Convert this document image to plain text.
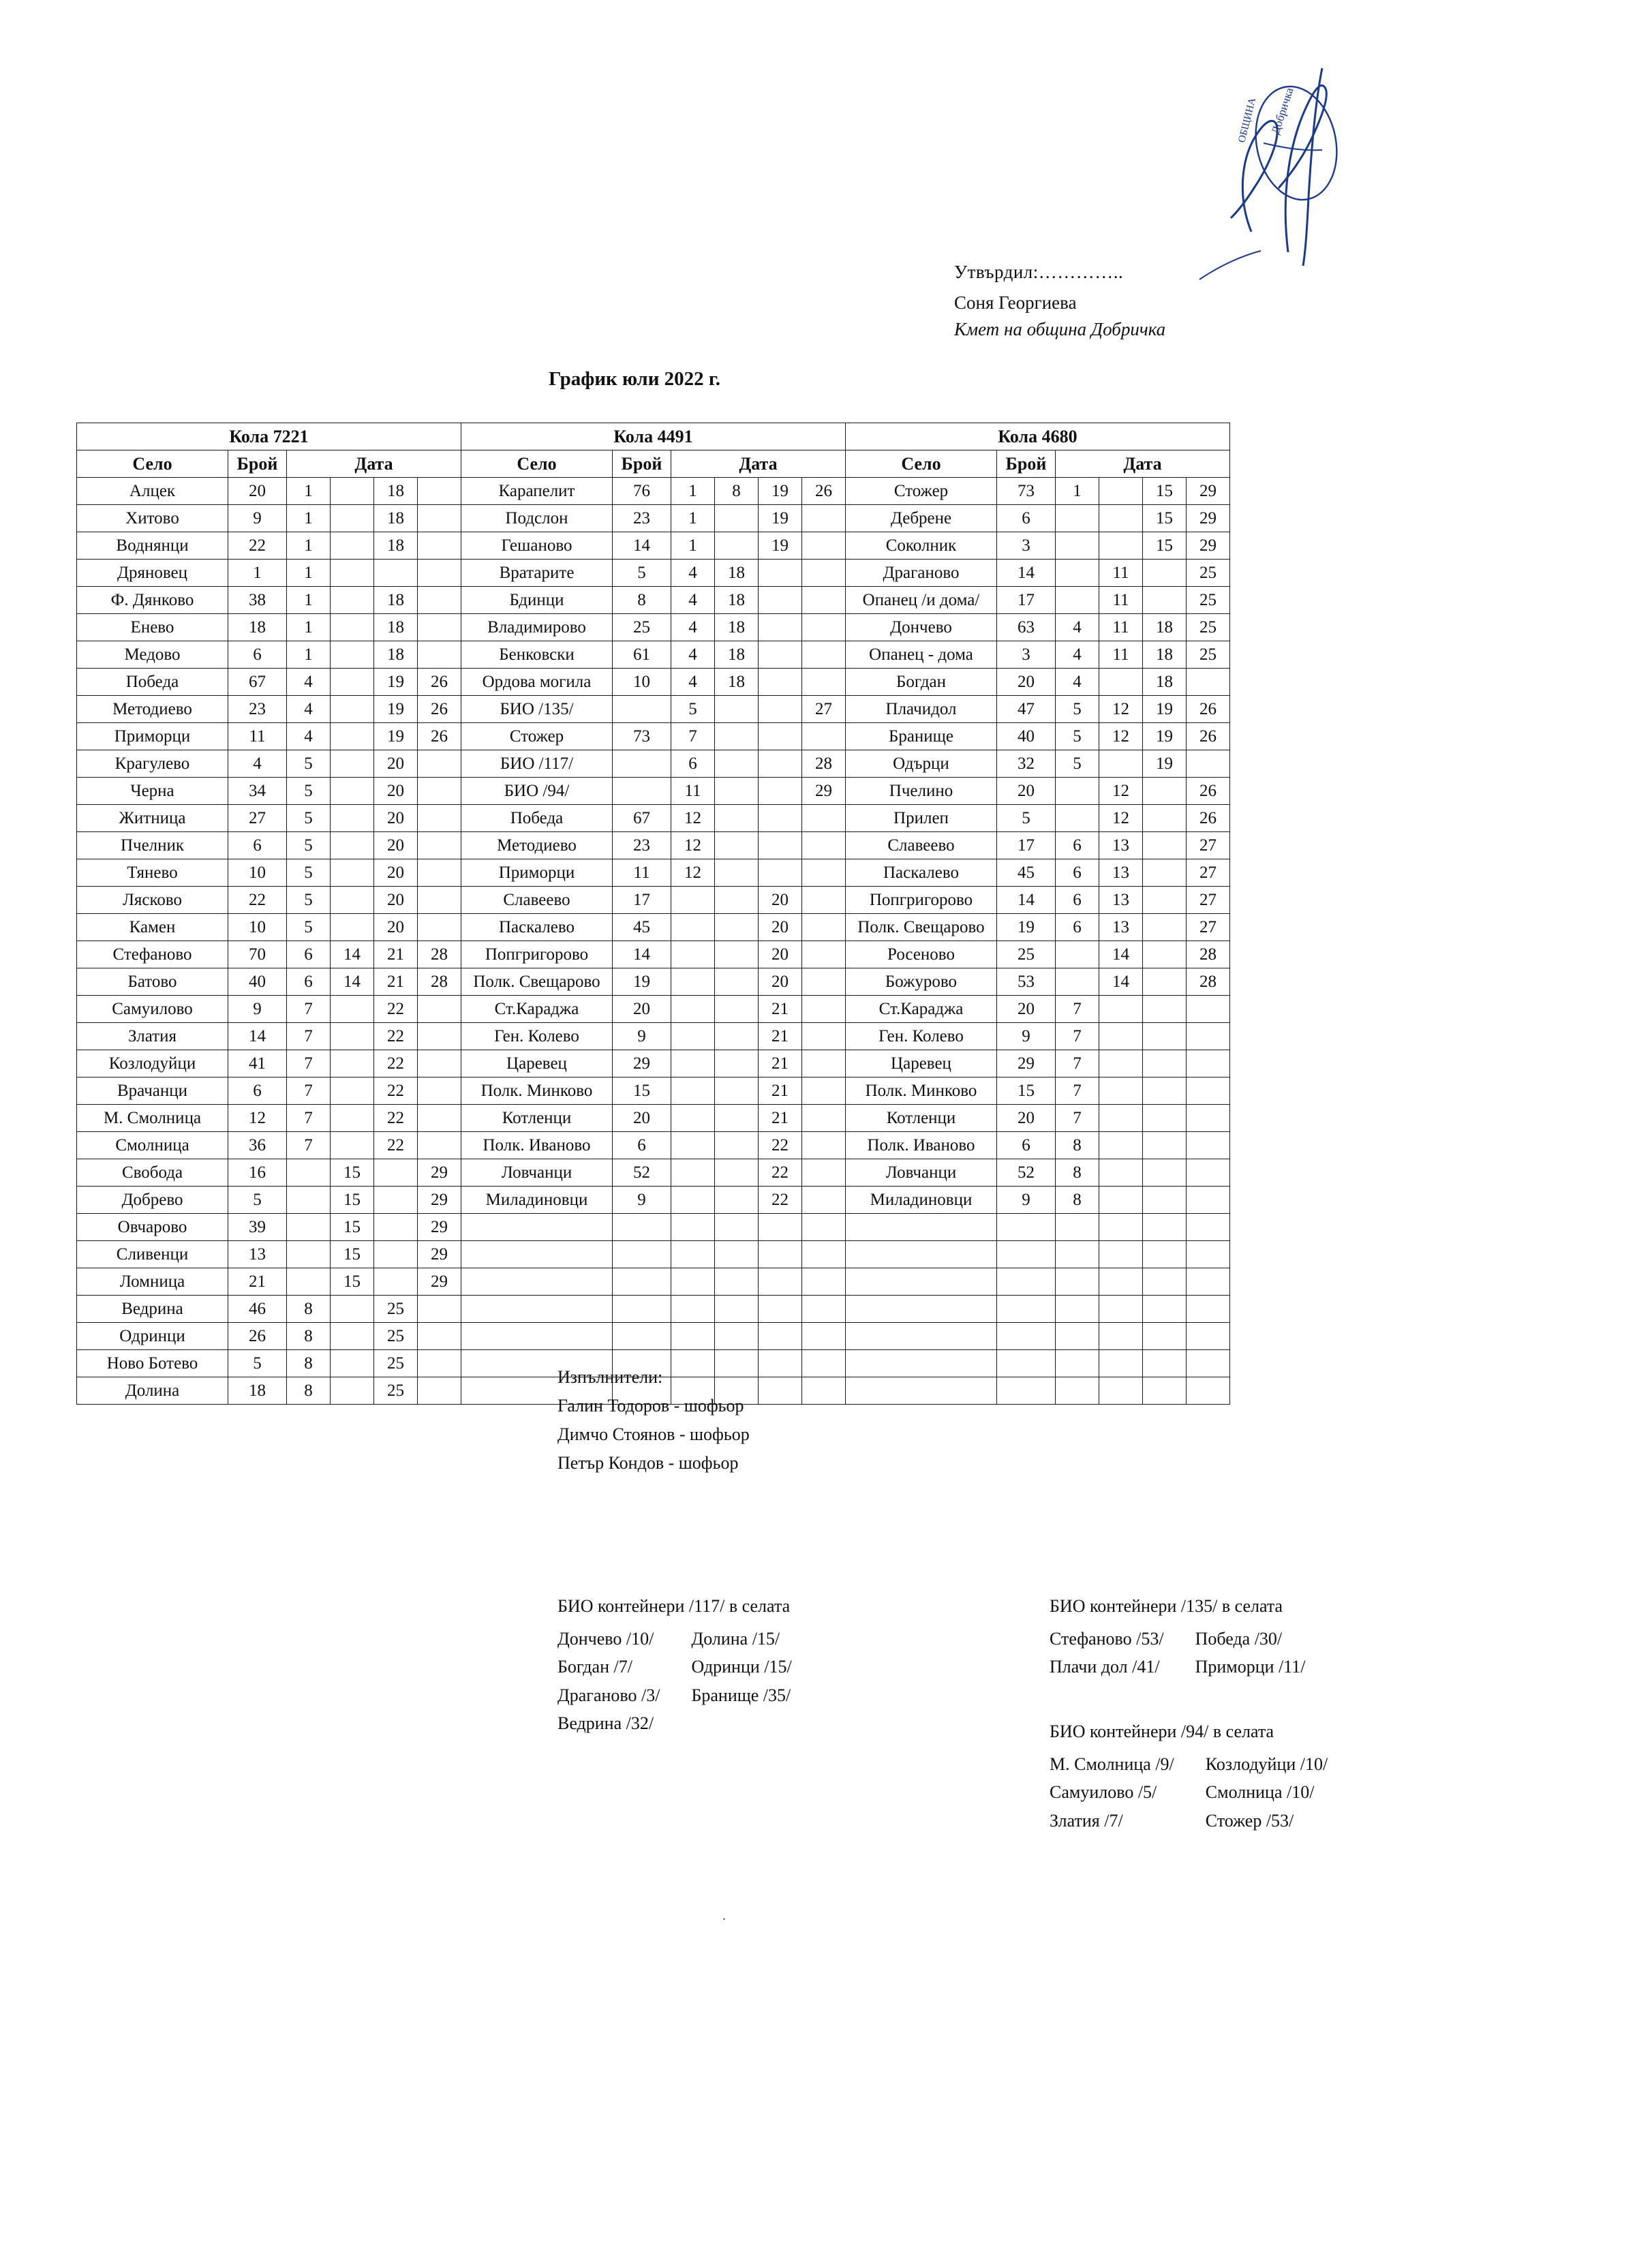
Добричка
ОБЩИНА
Утвърдил:…………..
Соня Георгиева
Кмет на община Добричка
График юли 2022 г.
Кола 7221						Кола 4491						Кола 4680					
Село	Брой	Дата				Село	Брой	Дата				Село	Брой	Дата			
Алцек	20	1		18		Карапелит	76	1	8	19	26	Стожер	73	1		15	29
Хитово	9	1		18		Подслон	23	1		19		Дебрене	6			15	29
Воднянци	22	1		18		Гешаново	14	1		19		Соколник	3			15	29
Дряновец	1	1				Вратарите	5	4	18			Драганово	14		11		25
Ф. Дянково	38	1		18		Бдинци	8	4	18			Опанец /и дома/	17		11		25
Енево	18	1		18		Владимирово	25	4	18			Дончево	63	4	11	18	25
Медово	6	1		18		Бенковски	61	4	18			Опанец - дома	3	4	11	18	25
Победа	67	4		19	26	Ордова могила	10	4	18			Богдан	20	4		18	
Методиево	23	4		19	26	БИО /135/		5			27	Плачидол	47	5	12	19	26
Приморци	11	4		19	26	Стожер	73	7				Бранище	40	5	12	19	26
Крагулево	4	5		20		БИО /117/		6			28	Одърци	32	5		19	
Черна	34	5		20		БИО /94/		11			29	Пчелино	20		12		26
Житница	27	5		20		Победа	67	12				Прилеп	5		12		26
Пчелник	6	5		20		Методиево	23	12				Славеево	17	6	13		27
Тяневo	10	5		20		Приморци	11	12				Паскалево	45	6	13		27
Лясково	22	5		20		Славеево	17			20		Попгригорово	14	6	13		27
Камен	10	5		20		Паскалево	45			20		Полк. Свещарово	19	6	13		27
Стефаново	70	6	14	21	28	Попгригорово	14			20		Росеново	25		14		28
Батово	40	6	14	21	28	Полк. Свещарово	19			20		Божурово	53		14		28
Самуилово	9	7		22		Ст.Караджа	20			21		Ст.Караджа	20	7			
Златия	14	7		22		Ген. Колево	9			21		Ген. Колево	9	7			
Козлодуйци	41	7		22		Царевец	29			21		Царевец	29	7			
Врачанци	6	7		22		Полк. Минково	15			21		Полк. Минково	15	7			
М. Смолница	12	7		22		Котленци	20			21		Котленци	20	7			
Смолница	36	7		22		Полк. Иваново	6			22		Полк. Иваново	6	8			
Свобода	16		15		29	Ловчанци	52			22		Ловчанци	52	8			
Добрево	5		15		29	Миладиновци	9			22		Миладиновци	9	8			
Овчарово	39		15		29												
Сливенци	13		15		29												
Ломница	21		15		29												
Ведрина	46	8		25													
Одринци	26	8		25													
Ново Ботево	5	8		25													
Долина	18	8		25													
Изпълнители:
Галин Тодоров - шофьор
Димчо Стоянов - шофьор
Петър Кондов - шофьор
БИО контейнери /117/ в селата
Дончево /10/	Долина /15/
Богдан /7/	Одринци /15/
Драганово /3/	Бранище /35/
Ведрина /32/	
БИО контейнери /135/ в селата
Стефаново /53/	Победа /30/
Плачи дол /41/	Приморци /11/
БИО контейнери /94/ в селата
М. Смолница /9/	Козлодуйци /10/
Самуилово /5/	Смолница /10/
Златия /7/	Стожер /53/
.
